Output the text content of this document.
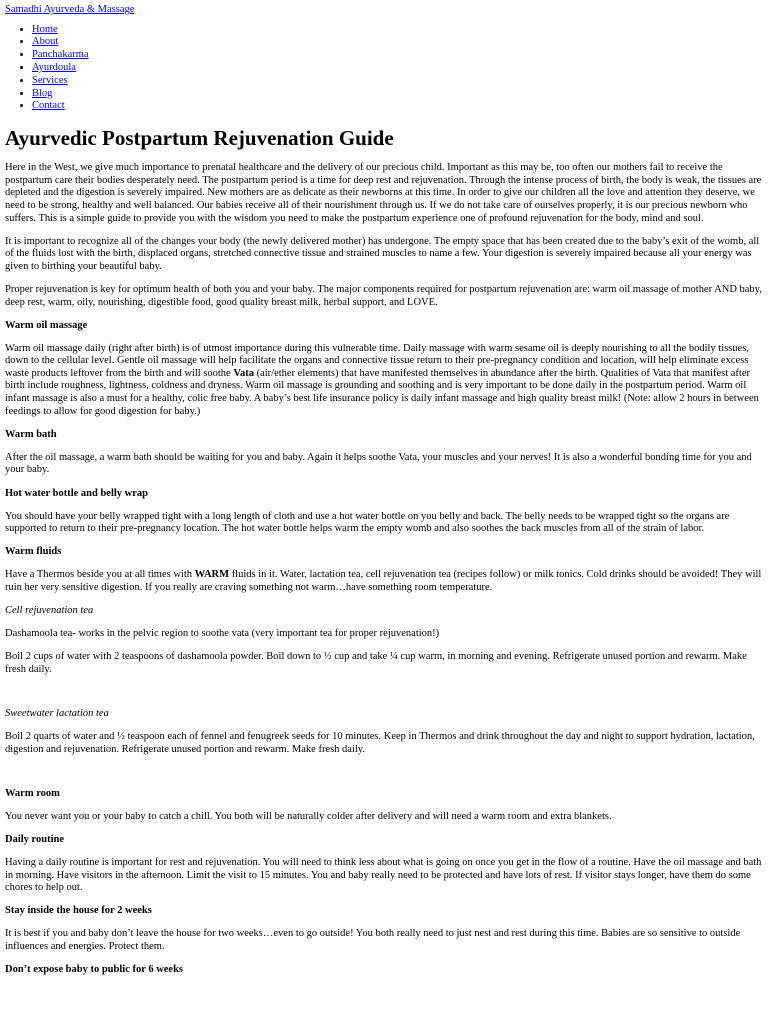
Samadhi Ayurveda & Massage
• Home
• About
• Panchakarma
• Ayurdoula
• Services
• Blog
• Contact
Ayurvedic Postpartum Rejuvenation Guide

Here in the West, we give much importance to prenatal healthcare and the delivery of our precious child. Important as this may be, too often our mothers fail to receive the postpartum care their bodies desperately need. The postpartum period is a time for deep rest and rejuvenation. Through the intense process of birth, the body is weak, the tissues are depleted and the digestion is severely impaired. New mothers are as delicate as their newborns at this time. In order to give our children all the love and attention they deserve, we need to be strong, healthy and well balanced. Our babies receive all of their nourishment through us. If we do not take care of ourselves properly, it is our precious newborn who suffers. This is a simple guide to provide you with the wisdom you need to make the postpartum experience one of profound rejuvenation for the body, mind and soul.

It is important to recognize all of the changes your body (the newly delivered mother) has undergone. The empty space that has been created due to the baby’s exit of the womb, all of the fluids lost with the birth, displaced organs, stretched connective tissue and strained muscles to name a few. Your digestion is severely impaired because all your energy was given to birthing your beautiful baby.

Proper rejuvenation is key for optimum health of both you and your baby. The major components required for postpartum rejuvenation are: warm oil massage of mother AND baby, deep rest, warm, oily, nourishing, digestible food, good quality breast milk, herbal support, and LOVE.

Warm oil massage

Warm oil massage daily (right after birth) is of utmost importance during this vulnerable time. Daily massage with warm sesame oil is deeply nourishing to all the bodily tissues, down to the cellular level. Gentle oil massage will help facilitate the organs and connective tissue return to their pre-pregnancy condition and location, will help eliminate excess waste products leftover from the birth and will soothe Vata (air/ether elements) that have manifested themselves in abundance after the birth. Qualities of Vata that manifest after birth include roughness, lightness, coldness and dryness. Warm oil massage is grounding and soothing and is very important to be done daily in the postpartum period. Warm oil infant massage is also a must for a healthy, colic free baby. A baby’s best life insurance policy is daily infant massage and high quality breast milk! (Note: allow 2 hours in between feedings to allow for good digestion for baby.)

Warm bath

After the oil massage, a warm bath should be waiting for you and baby. Again it helps soothe Vata, your muscles and your nerves! It is also a wonderful bonding time for you and your baby.

Hot water bottle and belly wrap

You should have your belly wrapped tight with a long length of cloth and use a hot water bottle on you belly and back. The belly needs to be wrapped tight so the organs are supported to return to their pre-pregnancy location. The hot water bottle helps warm the empty womb and also soothes the back muscles from all of the strain of labor.

Warm fluids

Have a Thermos beside you at all times with WARM fluids in it. Water, lactation tea, cell rejuvenation tea (recipes follow) or milk tonics. Cold drinks should be avoided! They will ruin her very sensitive digestion. If you really are craving something not warm…have something room temperature.

Cell rejuvenation tea

Dashamoola tea- works in the pelvic region to soothe vata (very important tea for proper rejuvenation!)

Boil 2 cups of water with 2 teaspoons of dashamoola powder. Boil down to ½ cup and take ¼ cup warm, in morning and evening. Refrigerate unused portion and rewarm. Make fresh daily.

Sweetwater lactation tea

Boil 2 quarts of water and ½ teaspoon each of fennel and fenugreek seeds for 10 minutes. Keep in Thermos and drink throughout the day and night to support hydration, lactation, digestion and rejuvenation. Refrigerate unused portion and rewarm. Make fresh daily.

Warm room

You never want you or your baby to catch a chill. You both will be naturally colder after delivery and will need a warm room and extra blankets.

Daily routine

Having a daily routine is important for rest and rejuvenation. You will need to think less about what is going on once you get in the flow of a routine. Have the oil massage and bath in morning. Have visitors in the afternoon. Limit the visit to 15 minutes. You and baby really need to be protected and have lots of rest. If visitor stays longer, have them do some chores to help out.

Stay inside the house for 2 weeks

It is best if you and baby don’t leave the house for two weeks…even to go outside! You both really need to just nest and rest during this time. Babies are so sensitive to outside influences and energies. Protect them.

Don’t expose baby to public for 6 weeks
